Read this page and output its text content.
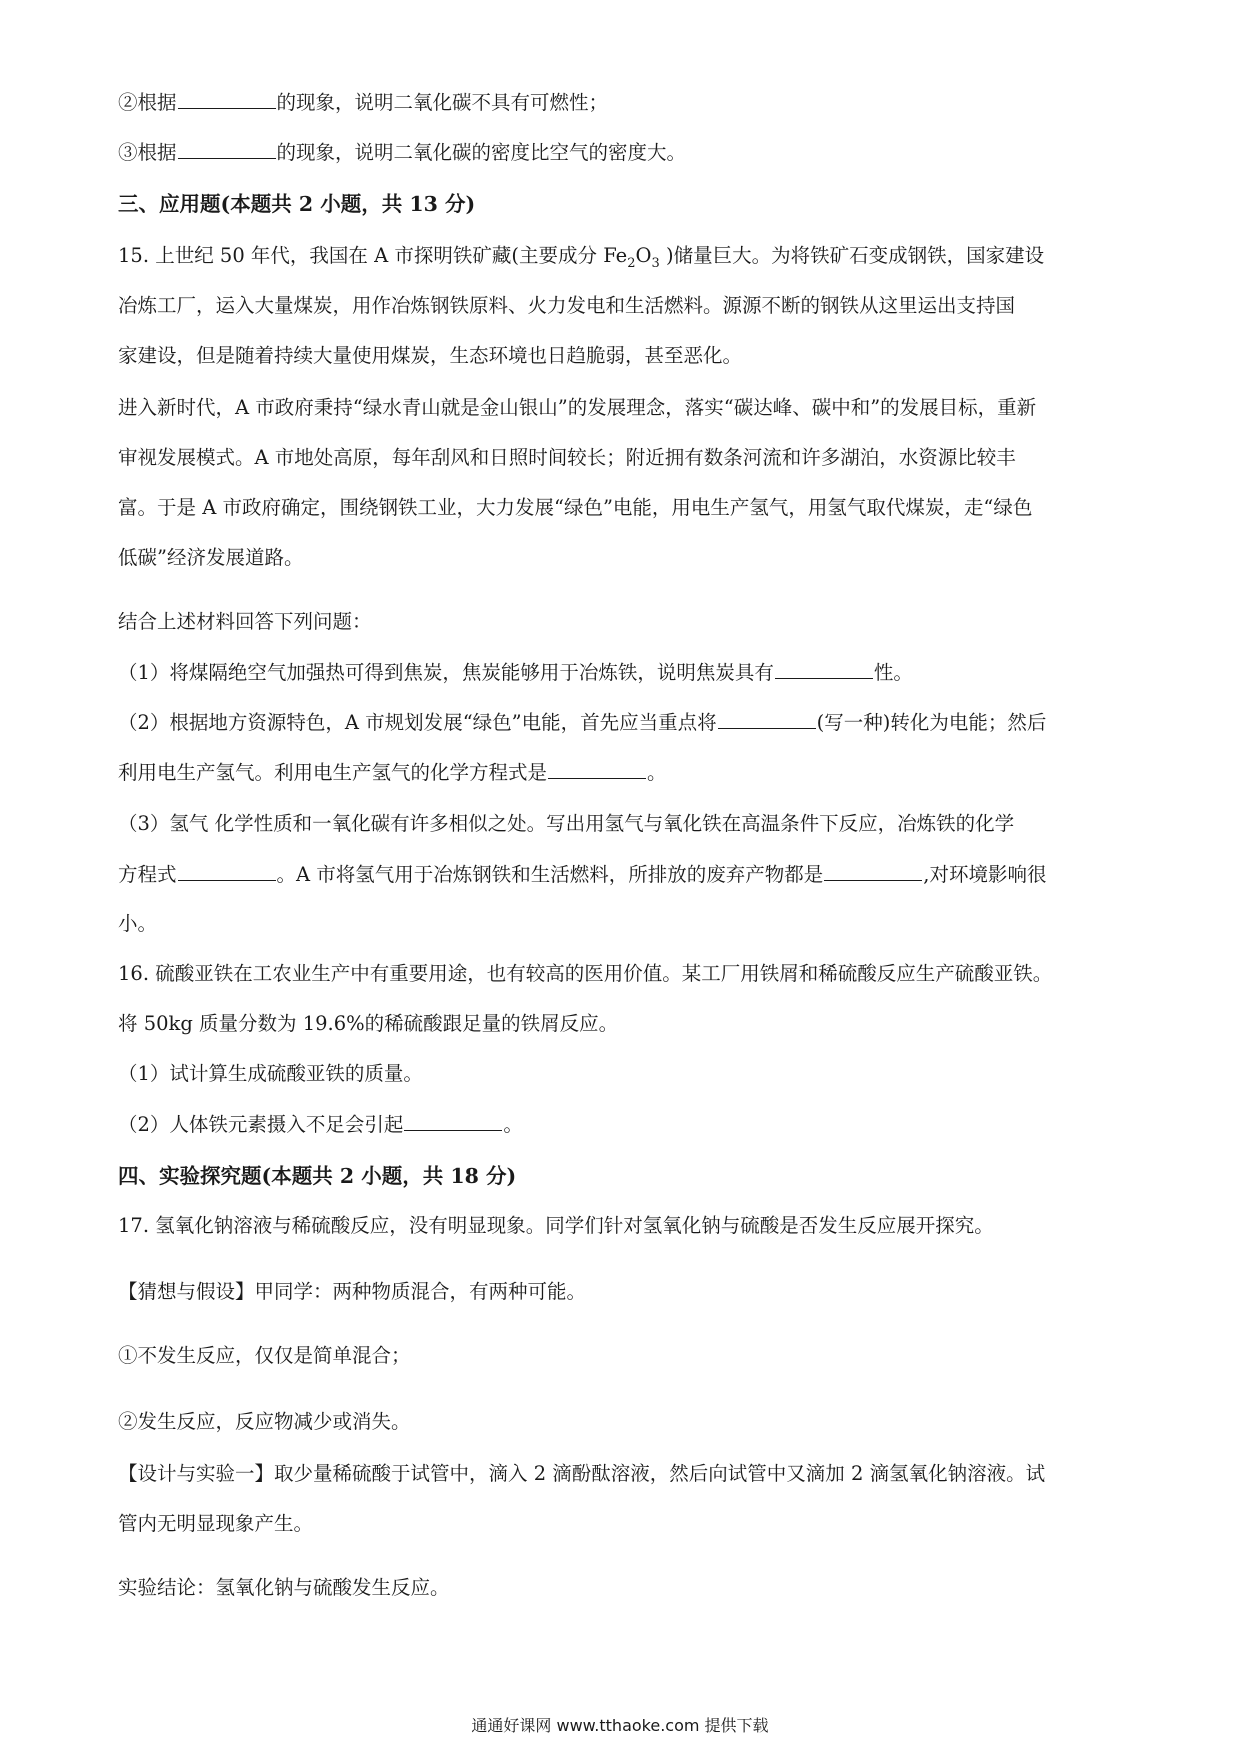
②根据	的现象，说明二氧化碳不具有可燃性；
③根据	的现象，说明二氧化碳的密度比空气的密度大。
三、应用题(本题共 2 小题，共 13 分)
15. 上世纪 50 年代，我国在 A 市探明铁矿藏(主要成分 $Fe_2O_3$ )储量巨大。为将铁矿石变成钢铁，国家建设
冶炼工厂，运入大量煤炭，用作冶炼钢铁原料、火力发电和生活燃料。源源不断的钢铁从这里运出支持国
家建设，但是随着持续大量使用煤炭，生态环境也日趋脆弱，甚至恶化。
进入新时代，A 市政府秉持“绿水青山就是金山银山”的发展理念，落实“碳达峰、碳中和”的发展目标，重新
审视发展模式。A 市地处高原，每年刮风和日照时间较长；附近拥有数条河流和许多湖泊，水资源比较丰
富。于是 A 市政府确定，围绕钢铁工业，大力发展“绿色”电能，用电生产氢气，用氢气取代煤炭，走“绿色
低碳”经济发展道路。
结合上述材料回答下列问题：
（1）将煤隔绝空气加强热可得到焦炭，焦炭能够用于冶炼铁，说明焦炭具有	性。
（2）根据地方资源特色，A 市规划发展“绿色”电能，首先应当重点将	(写一种)转化为电能；然后
利用电生产氢气。利用电生产氢气的化学方程式是	。
（3）氢气 化学性质和一氧化碳有许多相似之处。写出用氢气与氧化铁在高温条件下反应，冶炼铁的化学
方程式	。A 市将氢气用于冶炼钢铁和生活燃料，所排放的废弃产物都是	,对环境影响很
小。
16. 硫酸亚铁在工农业生产中有重要用途，也有较高的医用价值。某工厂用铁屑和稀硫酸反应生产硫酸亚铁。
将 50kg 质量分数为 19.6%的稀硫酸跟足量的铁屑反应。
（1）试计算生成硫酸亚铁的质量。
（2）人体铁元素摄入不足会引起	。
四、实验探究题(本题共 2 小题，共 18 分)
17. 氢氧化钠溶液与稀硫酸反应，没有明显现象。同学们针对氢氧化钠与硫酸是否发生反应展开探究。
【猜想与假设】甲同学：两种物质混合，有两种可能。
①不发生反应，仅仅是简单混合；
②发生反应，反应物减少或消失。
【设计与实验一】取少量稀硫酸于试管中，滴入 2 滴酚酞溶液，然后向试管中又滴加 2 滴氢氧化钠溶液。试
管内无明显现象产生。
实验结论：氢氧化钠与硫酸发生反应。
通通好课网 www.tthaoke.com 提供下载
